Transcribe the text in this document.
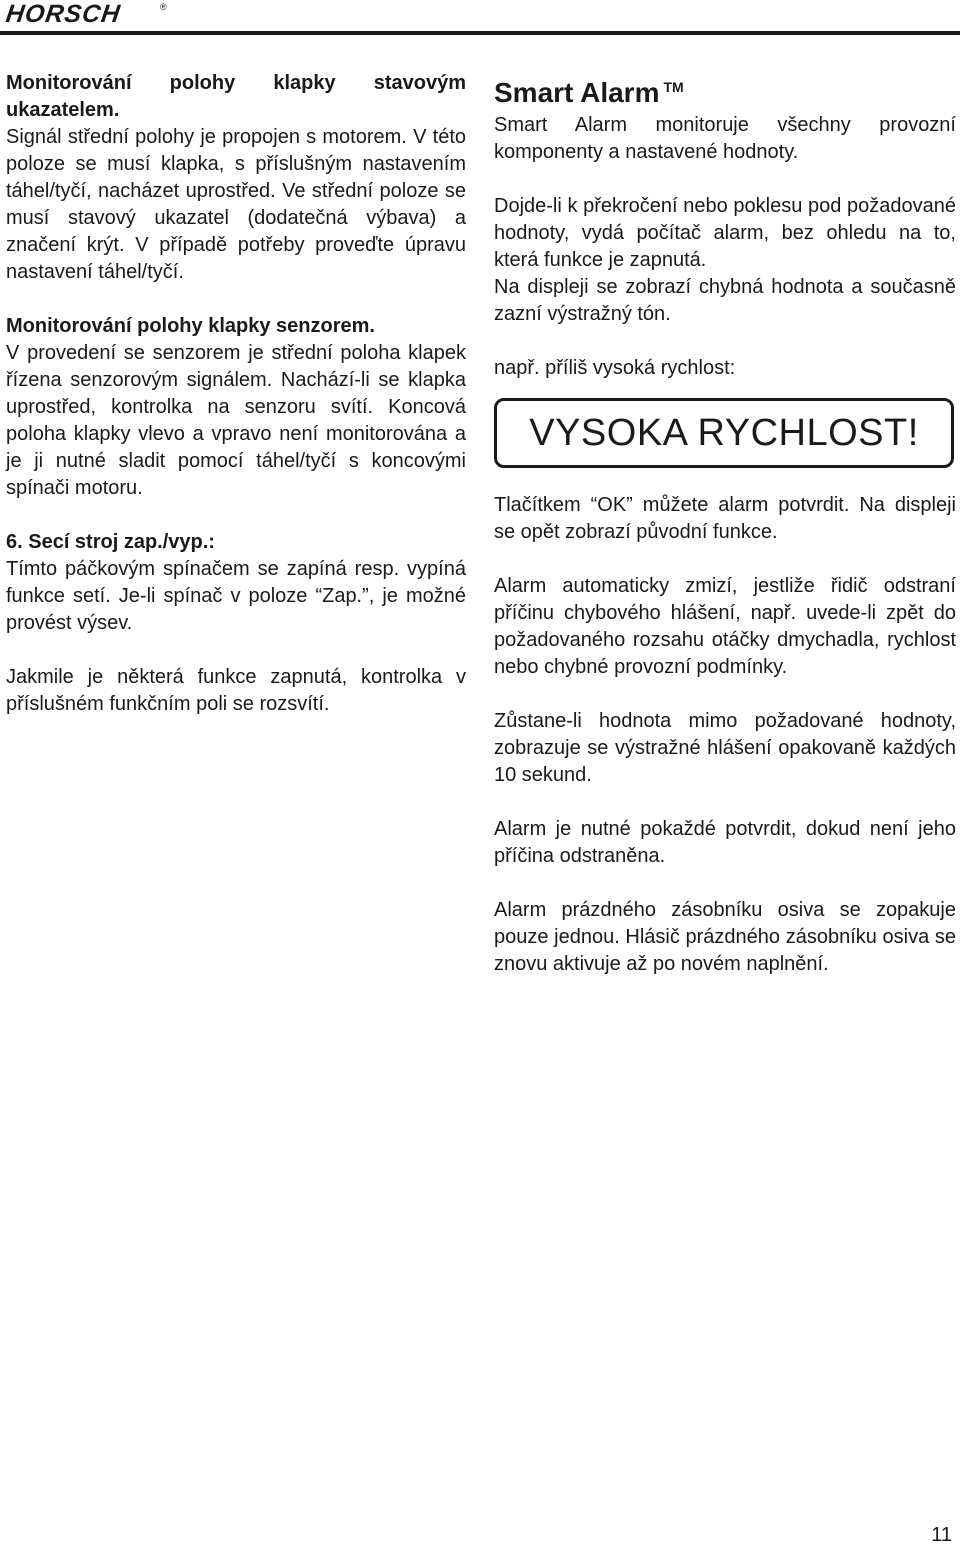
HORSCH	®

Monitorování polohy klapky stavovým ukazatelem.

Signál střední polohy je propojen s motorem. V této poloze se musí klapka, s příslušným nastavením táhel/tyčí, nacházet uprostřed. Ve střední poloze se musí stavový ukazatel (dodatečná výbava) a značení krýt. V případě potřeby proveďte úpravu nastavení táhel/tyčí.

Monitorování polohy klapky senzorem.

V provedení se senzorem je střední poloha klapek řízena senzorovým signálem. Nachází-li se klapka uprostřed, kontrolka na senzoru svítí. Koncová poloha klapky vlevo a vpravo není monitorována a je ji nutné sladit pomocí táhel/tyčí s koncovými spínači motoru.

6. Secí stroj zap./vyp.:

Tímto páčkovým spínačem se zapíná resp. vypíná funkce setí. Je-li spínač v poloze “Zap.”, je možné provést výsev.

Jakmile je některá funkce zapnutá, kontrolka v příslušném funkčním poli se rozsvítí.

Smart Alarm ™

Smart Alarm monitoruje všechny provozní komponenty a nastavené hodnoty.

Dojde-li k překročení nebo poklesu pod požadované hodnoty, vydá počítač alarm, bez ohledu na to, která funkce je zapnutá.

Na displeji se zobrazí chybná hodnota a současně zazní výstražný tón.

např. příliš vysoká rychlost:

VYSOKA RYCHLOST!

Tlačítkem “OK” můžete alarm potvrdit. Na displeji se opět zobrazí původní funkce.

Alarm automaticky zmizí, jestliže řidič odstraní příčinu chybového hlášení, např. uvede-li zpět do požadovaného rozsahu otáčky dmychadla, rychlost nebo chybné provozní podmínky.

Zůstane-li hodnota mimo požadované hodnoty, zobrazuje se výstražné hlášení opakovaně každých 10 sekund.

Alarm je nutné pokaždé potvrdit, dokud není jeho příčina odstraněna.

Alarm prázdného zásobníku osiva se zopakuje pouze jednou. Hlásič prázdného zásobníku osiva se znovu aktivuje až po novém naplnění.

11
